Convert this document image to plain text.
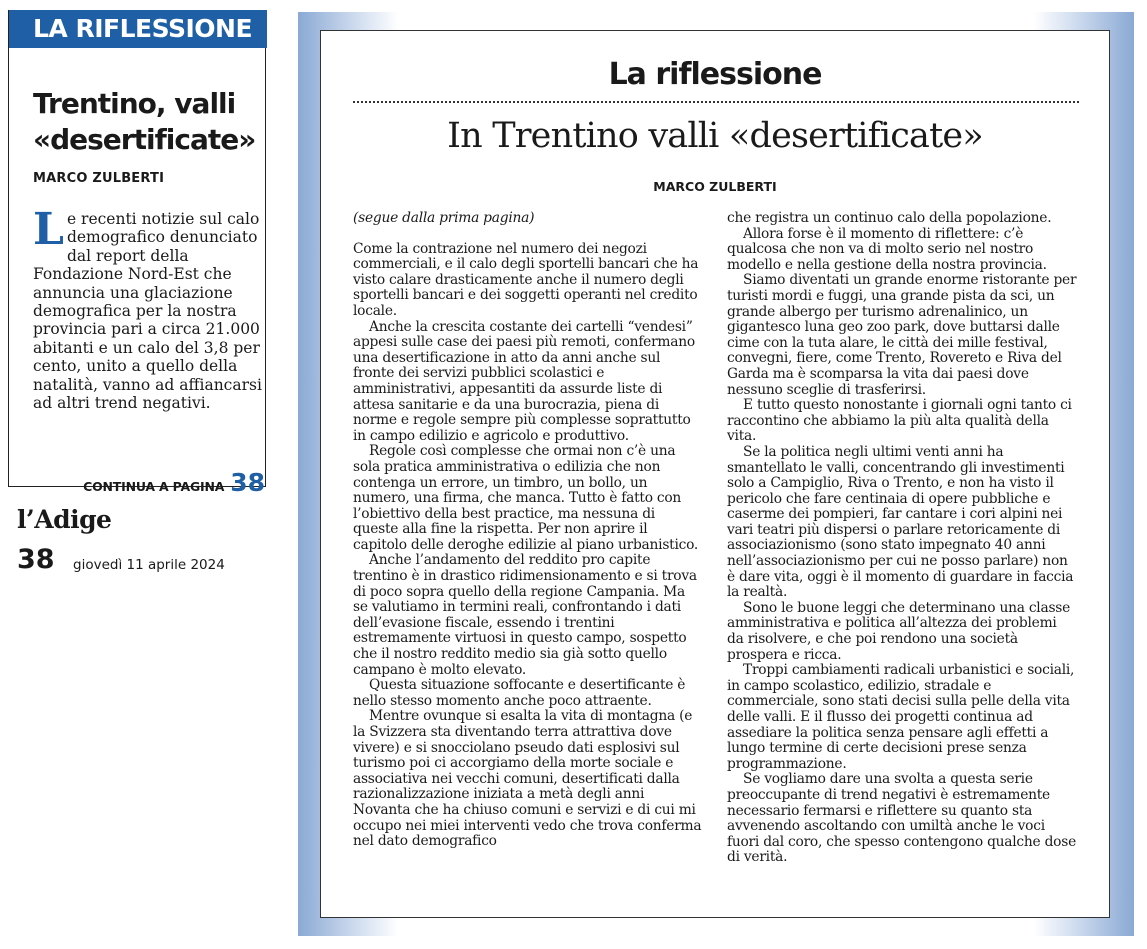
LA RIFLESSIONE
Trentino, valli «desertificate»
MARCO ZULBERTI

Le recenti notizie sul calo demografico denunciato dal report della Fondazione Nord-Est che annuncia una glaciazione demografica per la nostra provincia pari a circa 21.000 abitanti e un calo del 3,8 per cento, unito a quello della natalità, vanno ad affiancarsi ad altri trend negativi.

CONTINUA A PAGINA 38
l’Adige
38 giovedì 11 aprile 2024
La riflessione
In Trentino valli «desertificate»
MARCO ZULBERTI

(segue dalla prima pagina)

Come la contrazione nel numero dei negozi commerciali, e il calo degli sportelli bancari che ha visto calare drasticamente anche il numero degli sportelli bancari e dei soggetti operanti nel credito locale.

Anche la crescita costante dei cartelli “vendesi” appesi sulle case dei paesi più remoti, confermano una desertificazione in atto da anni anche sul fronte dei servizi pubblici scolastici e amministrativi, appesantiti da assurde liste di attesa sanitarie e da una burocrazia, piena di norme e regole sempre più complesse soprattutto in campo edilizio e agricolo e produttivo.

Regole così complesse che ormai non c’è una sola pratica amministrativa o edilizia che non contenga un errore, un timbro, un bollo, un numero, una firma, che manca. Tutto è fatto con l’obiettivo della best practice, ma nessuna di queste alla fine la rispetta. Per non aprire il capitolo delle deroghe edilizie al piano urbanistico.

Anche l’andamento del reddito pro capite trentino è in drastico ridimensionamento e si trova di poco sopra quello della regione Campania. Ma se valutiamo in termini reali, confrontando i dati dell’evasione fiscale, essendo i trentini estremamente virtuosi in questo campo, sospetto che il nostro reddito medio sia già sotto quello campano è molto elevato.

Questa situazione soffocante e desertificante è nello stesso momento anche poco attraente.

Mentre ovunque si esalta la vita di montagna (e la Svizzera sta diventando terra attrattiva dove vivere) e si snocciolano pseudo dati esplosivi sul turismo poi ci accorgiamo della morte sociale e associativa nei vecchi comuni, desertificati dalla razionalizzazione iniziata a metà degli anni Novanta che ha chiuso comuni e servizi e di cui mi occupo nei miei interventi vedo che trova conferma nel dato demografico

che registra un continuo calo della popolazione.

Allora forse è il momento di riflettere: c’è qualcosa che non va di molto serio nel nostro modello e nella gestione della nostra provincia.

Siamo diventati un grande enorme ristorante per turisti mordi e fuggi, una grande pista da sci, un grande albergo per turismo adrenalinico, un gigantesco luna geo zoo park, dove buttarsi dalle cime con la tuta alare, le città dei mille festival, convegni, fiere, come Trento, Rovereto e Riva del Garda ma è scomparsa la vita dai paesi dove nessuno sceglie di trasferirsi.

E tutto questo nonostante i giornali ogni tanto ci raccontino che abbiamo la più alta qualità della vita.

Se la politica negli ultimi venti anni ha smantellato le valli, concentrando gli investimenti solo a Campiglio, Riva o Trento, e non ha visto il pericolo che fare centinaia di opere pubbliche e caserme dei pompieri, far cantare i cori alpini nei vari teatri più dispersi o parlare retoricamente di associazionismo (sono stato impegnato 40 anni nell’associazionismo per cui ne posso parlare) non è dare vita, oggi è il momento di guardare in faccia la realtà.

Sono le buone leggi che determinano una classe amministrativa e politica all’altezza dei problemi da risolvere, e che poi rendono una società prospera e ricca.

Troppi cambiamenti radicali urbanistici e sociali, in campo scolastico, edilizio, stradale e commerciale, sono stati decisi sulla pelle della vita delle valli. E il flusso dei progetti continua ad assediare la politica senza pensare agli effetti a lungo termine di certe decisioni prese senza programmazione.

Se vogliamo dare una svolta a questa serie preoccupante di trend negativi è estremamente necessario fermarsi e riflettere su quanto sta avvenendo ascoltando con umiltà anche le voci fuori dal coro, che spesso contengono qualche dose di verità.
